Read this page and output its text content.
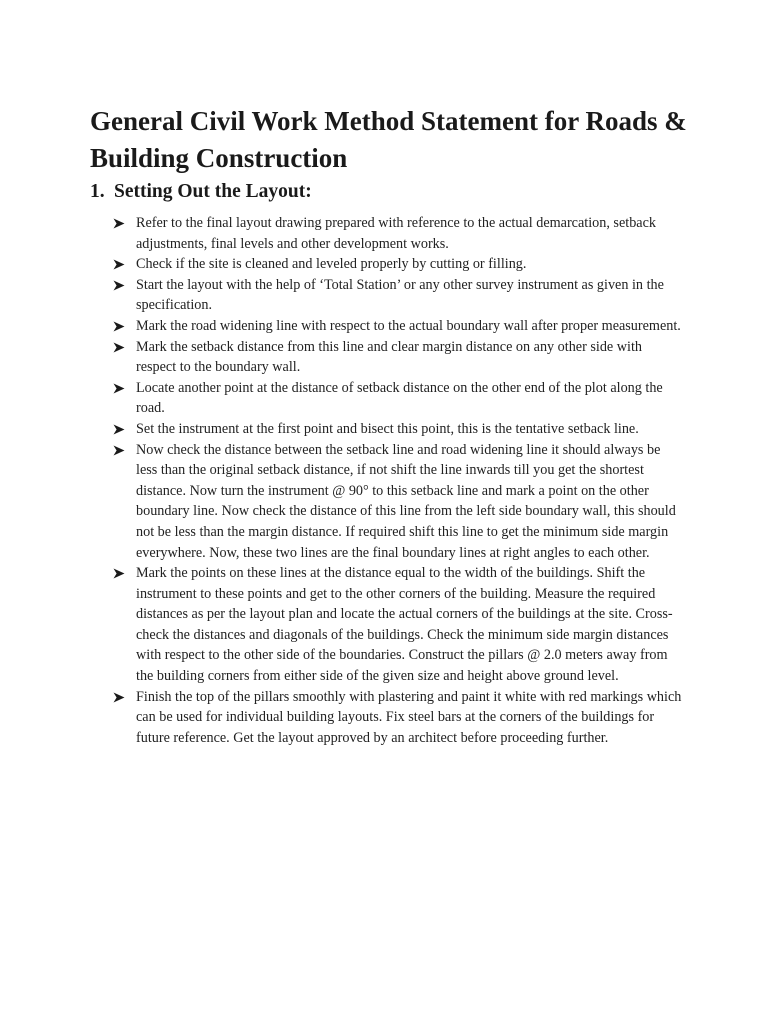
General Civil Work Method Statement for Roads & Building Construction
1. Setting Out the Layout:
Refer to the final layout drawing prepared with reference to the actual demarcation, setback adjustments, final levels and other development works.
Check if the site is cleaned and leveled properly by cutting or filling.
Start the layout with the help of ‘Total Station’ or any other survey instrument as given in the specification.
Mark the road widening line with respect to the actual boundary wall after proper measurement.
Mark the setback distance from this line and clear margin distance on any other side with respect to the boundary wall.
Locate another point at the distance of setback distance on the other end of the plot along the road.
Set the instrument at the first point and bisect this point, this is the tentative setback line.
Now check the distance between the setback line and road widening line it should always be less than the original setback distance, if not shift the line inwards till you get the shortest distance. Now turn the instrument @ 90° to this setback line and mark a point on the other boundary line. Now check the distance of this line from the left side boundary wall, this should not be less than the margin distance. If required shift this line to get the minimum side margin everywhere. Now, these two lines are the final boundary lines at right angles to each other.
Mark the points on these lines at the distance equal to the width of the buildings. Shift the instrument to these points and get to the other corners of the building. Measure the required distances as per the layout plan and locate the actual corners of the buildings at the site. Cross-check the distances and diagonals of the buildings. Check the minimum side margin distances with respect to the other side of the boundaries. Construct the pillars @ 2.0 meters away from the building corners from either side of the given size and height above ground level.
Finish the top of the pillars smoothly with plastering and paint it white with red markings which can be used for individual building layouts. Fix steel bars at the corners of the buildings for future reference. Get the layout approved by an architect before proceeding further.
